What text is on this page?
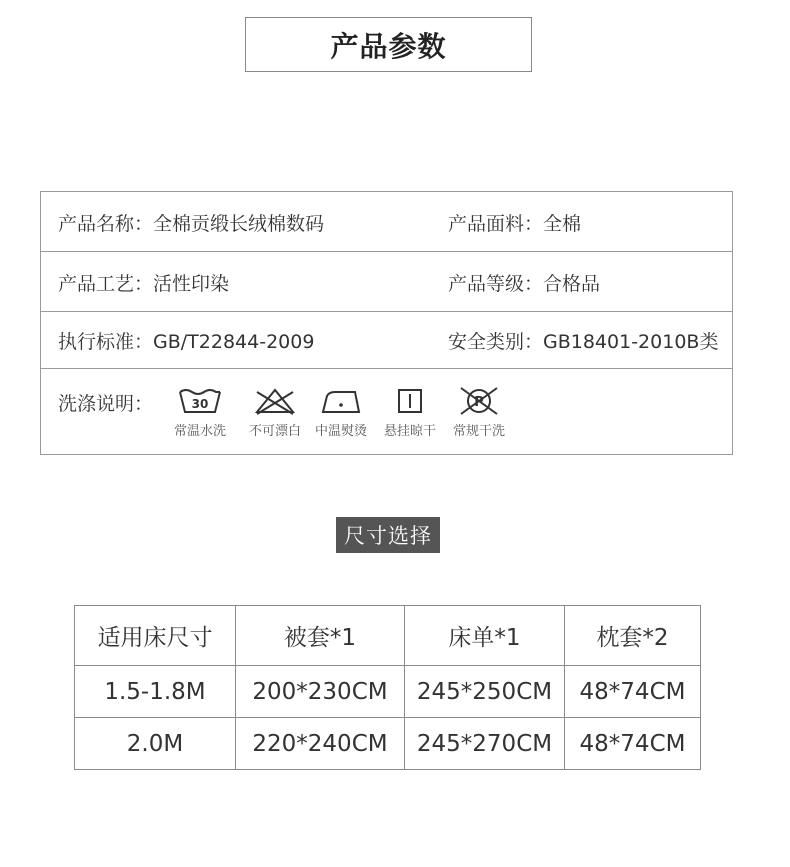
产品参数
产品名称：全棉贡缎长绒棉数码	产品面料：全棉
产品工艺：活性印染	产品等级：合格品
执行标准：GB/T22844-2009	安全类别：GB18401-2010B类
洗涤说明：	30
常温水洗 不可漂白 中温熨烫 悬挂晾干
P
常规干洗
尺寸选择
适用床尺寸	被套*1	床单*1	枕套*2
1.5-1.8M	200*230CM	245*250CM	48*74CM
2.0M	220*240CM	245*270CM	48*74CM
